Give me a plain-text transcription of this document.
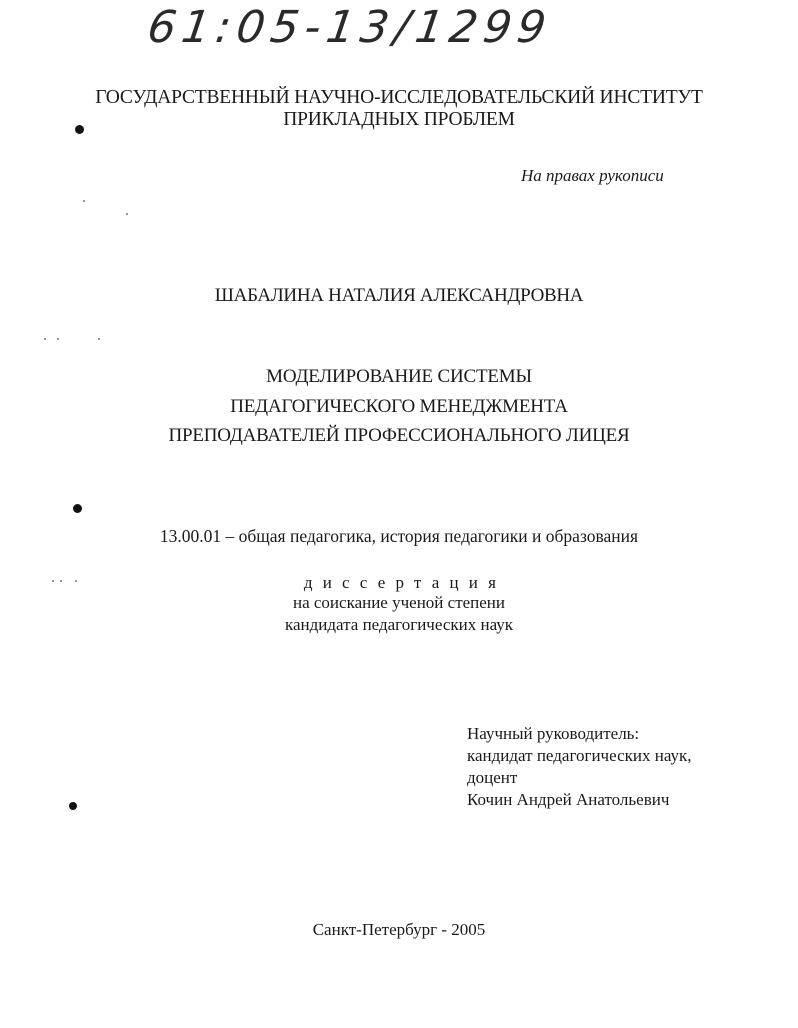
61:05-13/1299
ГОСУДАРСТВЕННЫЙ НАУЧНО-ИССЛЕДОВАТЕЛЬСКИЙ ИНСТИТУТ
ПРИКЛАДНЫХ ПРОБЛЕМ
На правах рукописи
ШАБАЛИНА НАТАЛИЯ АЛЕКСАНДРОВНА
МОДЕЛИРОВАНИЕ СИСТЕМЫ
ПЕДАГОГИЧЕСКОГО МЕНЕДЖМЕНТА
ПРЕПОДАВАТЕЛЕЙ ПРОФЕССИОНАЛЬНОГО ЛИЦЕЯ
13.00.01 – общая педагогика, история педагогики и образования
диссертация
на соискание ученой степени
кандидата педагогических наук
Научный руководитель:
кандидат педагогических наук,
доцент
Кочин Андрей Анатольевич
Санкт-Петербург - 2005
